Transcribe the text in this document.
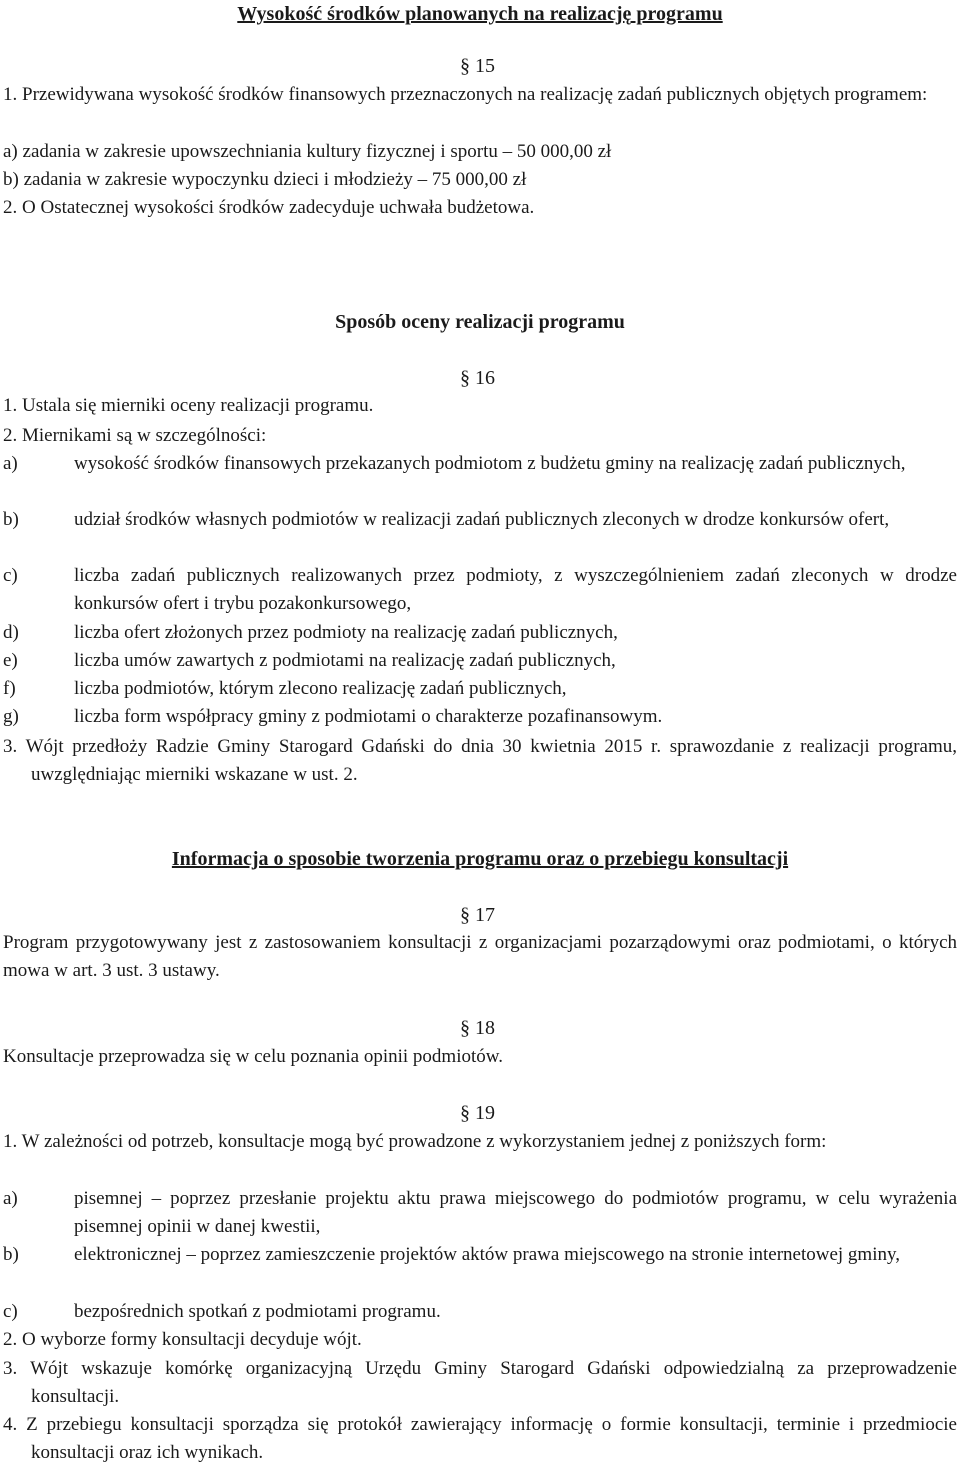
Wysokość środków planowanych na realizację programu
§ 15
1. Przewidywana wysokość środków finansowych przeznaczonych na realizację zadań publicznych objętych programem:
a) zadania w zakresie upowszechniania kultury fizycznej i sportu – 50 000,00 zł
b) zadania w zakresie wypoczynku dzieci i młodzieży – 75 000,00 zł
2. O Ostatecznej wysokości środków zadecyduje uchwała budżetowa.
Sposób oceny realizacji programu
§ 16
1. Ustala się mierniki oceny realizacji programu.
2. Miernikami są w szczególności:
a)	wysokość środków finansowych przekazanych podmiotom z budżetu gminy na realizację zadań publicznych,
b)	udział środków własnych podmiotów w realizacji zadań publicznych zleconych w drodze konkursów ofert,
c)	liczba zadań publicznych realizowanych przez podmioty, z wyszczególnieniem zadań zleconych w drodze konkursów ofert i trybu pozakonkursowego,
d)	liczba ofert złożonych przez podmioty na realizację zadań publicznych,
e)	liczba umów zawartych z podmiotami na realizację zadań publicznych,
f)	liczba podmiotów, którym zlecono realizację zadań publicznych,
g)	liczba form współpracy gminy z podmiotami o charakterze pozafinansowym.
3. Wójt przedłoży Radzie Gminy Starogard Gdański do dnia 30 kwietnia 2015 r. sprawozdanie z realizacji programu, uwzględniając mierniki wskazane w ust. 2.
Informacja o sposobie tworzenia programu oraz o przebiegu konsultacji
§ 17
Program przygotowywany jest z zastosowaniem konsultacji z organizacjami pozarządowymi oraz podmiotami, o których mowa w art. 3 ust. 3 ustawy.
§ 18
Konsultacje przeprowadza się w celu poznania opinii podmiotów.
§ 19
1. W zależności od potrzeb, konsultacje mogą być prowadzone z wykorzystaniem jednej z poniższych form:
a)	pisemnej – poprzez przesłanie projektu aktu prawa miejscowego do podmiotów programu, w celu wyrażenia pisemnej opinii w danej kwestii,
b)	elektronicznej – poprzez zamieszczenie projektów aktów prawa miejscowego na stronie internetowej gminy,
c)	bezpośrednich spotkań z podmiotami programu.
2. O wyborze formy konsultacji decyduje wójt.
3. Wójt wskazuje komórkę organizacyjną Urzędu Gminy Starogard Gdański odpowiedzialną za przeprowadzenie konsultacji.
4. Z przebiegu konsultacji sporządza się protokół zawierający informację o formie konsultacji, terminie i przedmiocie konsultacji oraz ich wynikach.
